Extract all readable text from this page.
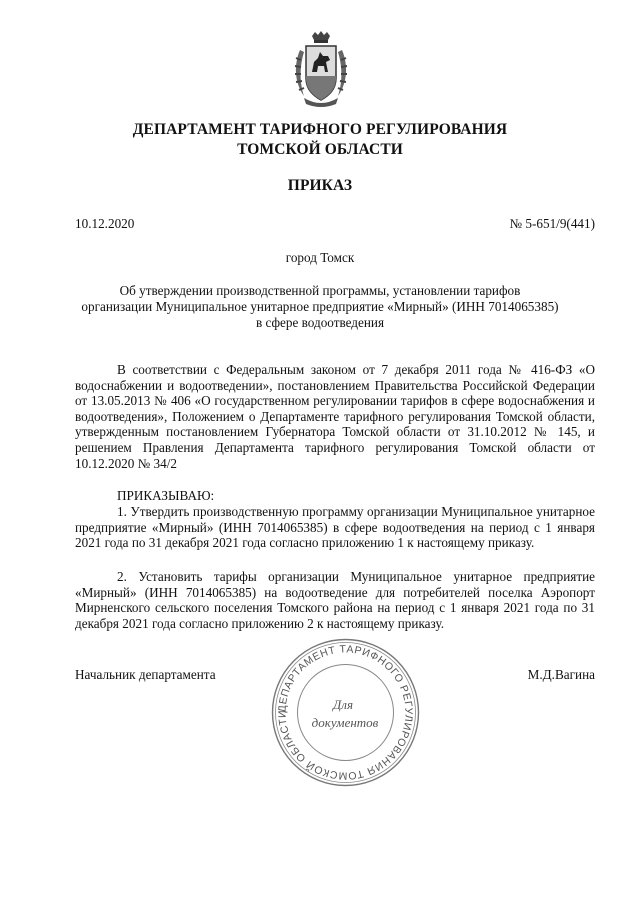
ДЕПАРТАМЕНТ ТАРИФНОГО РЕГУЛИРОВАНИЯ
ТОМСКОЙ ОБЛАСТИ
ПРИКАЗ
10.12.2020	№ 5-651/9(441)
город Томск
Об утверждении производственной программы, установлении тарифов
организации Муниципальное унитарное предприятие «Мирный» (ИНН 7014065385)
в сфере водоотведения
В соответствии с Федеральным законом от 7 декабря 2011 года № 416-ФЗ «О водоснабжении и водоотведении», постановлением Правительства Российской Федерации от 13.05.2013 № 406 «О государственном регулировании тарифов в сфере водоснабжения и водоотведения», Положением о Департаменте тарифного регулирования Томской области, утвержденным постановлением Губернатора Томской области от 31.10.2012 № 145, и решением Правления Департамента тарифного регулирования Томской области от 10.12.2020 № 34/2
ПРИКАЗЫВАЮ:
1. Утвердить производственную программу организации Муниципальное унитарное предприятие «Мирный» (ИНН 7014065385) в сфере водоотведения на период с 1 января 2021 года по 31 декабря 2021 года согласно приложению 1 к настоящему приказу.
2. Установить тарифы организации Муниципальное унитарное предприятие «Мирный» (ИНН 7014065385) на водоотведение для потребителей поселка Аэропорт Мирненского сельского поселения Томского района на период с 1 января 2021 года по 31 декабря 2021 года согласно приложению 2 к настоящему приказу.
Начальник департамента	М.Д.Вагина
ДЕПАРТАМЕНТ ТАРИФНОГО РЕГУЛИРОВАНИЯ ТОМСКОЙ ОБЛАСТИ
Для
документов
